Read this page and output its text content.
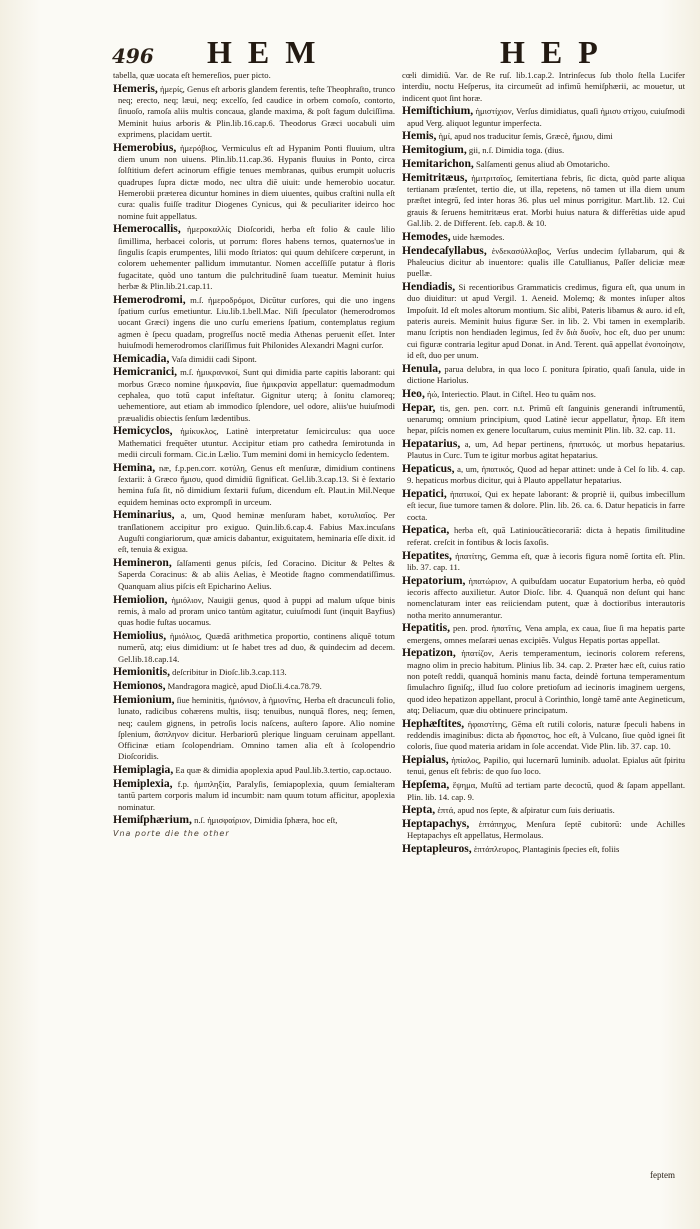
496 HEM	HEP

tabella, quæ uocata eſt hemereſios, puer picto.

Hemeris, ἡμερίς, Genus eſt arboris glandem ferentis, teſte Theophraſto, trunco neq; erecto, neq; læui, neq; excelſo, ſed caudice in orbem comoſo, contorto, ſinuoſo, ramoſa aliis multis concaua, glande maxima, & poſt fagum dulciſſima. Meminit huius arboris & Plin.lib.16.cap.6. Theodorus Græci uocabuli uim exprimens, placidam uertit.

Hemerobius, ἡμερόβιος, Vermiculus eſt ad Hypanim Ponti fluuium, ultra diem unum non uiuens. Plin.lib.11.cap.36. Hypanis fluuius in Ponto, circa ſolſtitium defert acinorum effigie tenues membranas, quibus erumpit uolucris quadrupes ſupra dictæ modo, nec ultra diē uiuit: unde hemerobio uocatur. Hemerobii præterea dicuntur homines in diem uiuentes, quibus craſtini nulla eſt cura: qualis fuiſſe traditur Diogenes Cynicus, qui & peculiariter ideirco hoc nomine fuit appellatus.

Hemerocallis, ἡμεροκαλλίς Dioſcoridi, herba eſt folio & caule lilio ſimillima, herbacei coloris, ut porrum: flores habens ternos, quaternos'ue in ſingulis ſcapis erumpentes, lilii modo ſtriatos: qui quum dehiſcere cœperunt, in colorem uehementer pallidum immutantur. Nomen acceſſiſſe putatur à floris fugacitate, quòd uno tantum die pulchritudinē ſuam tueatur. Meminit huius herbæ & Plin.lib.21.cap.11.

Hemerodromi, m.ſ. ἡμεροδρόμοι, Dicūtur curſores, qui die uno ingens ſpatium curſus emetiuntur. Liu.lib.1.bell.Mac. Niſi ſpeculator (hemerodromos uocant Græci) ingens die uno curſu emeriens ſpatium, contemplatus regium agmen è ſpecu quadam, progreſſus noctē media Athenas peruenit eſſet. Inter huiuſmodi hemerodromos clariſſimus fuit Philonides Alexandri Magni curſor.

Hemicadia, Vaſa dimidii cadi Sipont.

Hemicranici, m.ſ. ἡμικρανικοί, Sunt qui dimidia parte capitis laborant: qui morbus Græco nomine ἡμικρανία, ſiue ἡμικρανία appellatur: quemadmodum cephalea, quo totū caput infeſtatur. Gignitur uterq; à ſonitu clamoreq; uehementiore, aut etiam ab immodico ſplendore, uel odore, aliis'ue huiuſmodi præualidis obiectis ſenſum lædentibus.

Hemicyclos, ἡμίκυκλος, Latinè interpretatur ſemicirculus: qua uoce Mathematici frequēter utuntur. Accipitur etiam pro cathedra ſemirotunda in medii circuli formam. Cic.in Lælio. Tum memini domi in hemicyclo ſedentem.

Hemina, næ, f.p.pen.corr. κοτύλη, Genus eſt menſuræ, dimidium continens ſextarii: à Græco ἥμισυ, quod dimidiū ſignificat. Gel.lib.3.cap.13. Si è ſextario hemina fuſa ſit, nō dimidium ſextarii fuſum, dicendum eſt. Plaut.in Mil.Neque equidem heminas octo exprompſi in urceum.

Heminarius, a, um, Quod heminæ menſuram habet, κοτυλιαῖος. Per tranſlationem accipitur pro exiguo. Quin.lib.6.cap.4. Fabius Max.incuſans Auguſti congiariorum, quæ amicis dabantur, exiguitatem, heminaria eſſe dixit. id eſt, tenuia & exigua.

Hemineron, ſalſamenti genus piſcis, ſed Coracino. Dicitur & Peltes & Saperda Coracinus: & ab aliis Aelias, è Meotide ſtagno commendatiſſimus. Quanquam alius piſcis eſt Epicharino Aelius.

Hemiolion, ἡμιόλιον, Nauigii genus, quod à puppi ad malum uſque binis remis, à malo ad proram unico tantùm agitatur, cuiuſmodi ſunt (inquit Bayfius) quas hodie fuſtas uocamus.

Hemiolius, ἡμιόλιος, Quædā arithmetica proportio, continens aliquē totum numerū, atq; eius dimidium: ut ſe habet tres ad duo, & quindecim ad decem. Gel.lib.18.cap.14.

Hemionitis, deſcribitur in Dioſc.lib.3.cap.113.

Hemionos, Mandragora magicè, apud Dioſ.li.4.ca.78.79.

Hemionium, ſiue heminitis, ἡμιόνιον, à ἡμιονῖτις, Herba eſt dracunculi folio, lunato, radicibus cohærens multis, iisq; tenuibus, nunquā flores, neq; ſemen, neq; caulem gignens, in petroſis locis naſcens, auſtero ſapore. Alio nomine ſplenium, ἄσπληνον dicitur. Herbariorū plerique linguam ceruinam appellant. Officinæ etiam ſcolopendriam. Omnino tamen alia eſt à ſcolopendrio Dioſcoridis.

Hemiplagia, Ea quæ & dimidia apoplexia apud Paul.lib.3.tertio, cap.octauo.

Hemiplexia, f.p. ἡμιπληξία, Paralyſis, ſemiapoplexia, quum ſemialteram tantū partem corporis malum id incumbit: nam quum totum afficitur, apoplexia nominatur.

Hemiſphærium, n.ſ. ἡμισφαίριον, Dimidia ſphæra, hoc eſt,

Vna porte die the other

cœli dimidiū. Var. de Re ruſ. lib.1.cap.2. Intrinſecus ſub tholo ſtella Lucifer interdiu, noctu Heſperus, ita circumeūt ad infimū hemiſphærii, ac mouetur, ut indicent quot ſint horæ.

Hemiſtichium, ἡμιστίχιον, Verſus dimidiatus, quaſi ἡμισυ στίχου, cuiuſmodi apud Verg. aliquot leguntur imperfecta.

Hemis, ἡμί, apud nos traducitur ſemis, Græcè, ἥμισυ, dimi

Hemitogium, gii, n.ſ. Dimidia toga. (dius.

Hemitarichon, Salſamenti genus aliud ab Omotaricho.

Hemitritæus, ἡμιτριταῖος, ſemitertiana febris, ſic dicta, quòd parte aliqua tertianam præſentet, tertio die, ut illa, repetens, nō tamen ut illa diem unum præſtet integrū, ſed inter horas 36. plus uel minus porrigitur. Mart.lib. 12. Cui grauis & ſeruens hemitritæus erat. Morbi huius natura & differētias uide apud Gal.lib. 2. de Different. ſeb. cap.8. & 10.

Hemodes, uide hæmodes.

Hendecaſyllabus, ἑνδεκασύλλαβος, Verſus undecim ſyllabarum, qui & Phaleucius dicitur ab inuentore: qualis ille Catullianus, Paſſer deliciæ meæ puellæ.

Hendiadis, Si recentioribus Grammaticis credimus, figura eſt, qua unum in duo diuiditur: ut apud Vergil. 1. Aeneid. Molemq; & montes inſuper altos Impoſuit. Id eſt moles altorum montium. Sic alibi, Pateris libamus & auro. id eſt, pateris aureis. Meminit huius figuræ Ser. in lib. 2. Vbi tamen in exemplarib. manu ſcriptis non hendiaden legimus, ſed ἓν διὰ δυοῖν, hoc eſt, duo per unum: cui figuræ contraria legitur apud Donat. in And. Terent. quā appellat ἐνοποίησιν, id eſt, duo per unum.

Henula, parua delubra, in qua loco ſ. ponitura ſpiratio, quaſi ſanula, uide in dictione Hariolus.

Heo, ἠώ, Interiectio. Plaut. in Ciſtel. Heo tu quām nos.

Hepar, tis, gen. pen. corr. n.t. Primū eſt ſanguinis generandi inſtrumentū, uenarumq; omnium principium, quod Latinè iecur appellatur, ἧπαρ. Eſt item hepar, piſcis nomen ex genere locuſtarum, cuius meminit Plin. lib. 32. cap. 11.

Hepatarius, a, um, Ad hepar pertinens, ἡπατικός. ut morbus hepatarius. Plautus in Curc. Tum te igitur morbus agitat hepatarius.

Hepaticus, a, um, ἡπατικός, Quod ad hepar attinet: unde à Cel ſo lib. 4. cap. 9. hepaticus morbus dicitur, qui à Plauto appellatur hepatarius.

Hepatici, ἡπατικοί, Qui ex hepate laborant: & propriè ii, quibus imbecillum eſt iecur, ſiue tumore tamen & dolore. Plin. lib. 26. ca. 6. Datur hepaticis in farre cocta.

Hepatica, herba eſt, quā Latinioucātiecorariā: dicta à hepatis ſimilitudine referat. creſcit in fontibus & locis ſaxoſis.

Hepatites, ἡπατίτης, Gemma eſt, quæ à iecoris figura nomē ſortita eſt. Plin. lib. 37. cap. 11.

Hepatorium, ἡπατώριον, A quibuſdam uocatur Eupatorium herba, eò quòd iecoris affecto auxilietur. Autor Dioſc. libr. 4. Quanquā non deſunt qui hanc nomenclaturam inter eas reiiciendam putent, quæ à doctioribus interautoris notha merito annumerantur.

Hepatitis, pen. prod. ἡπατῖτις, Vena ampla, ex caua, ſiue ſi ma hepatis parte emergens, omnes meſaræi uenas excipiēs. Vulgus Hepatis portas appellat.

Hepatizon, ἡπατίζον, Aeris temperamentum, iecinoris colorem referens, magno olim in precio habitum. Plinius lib. 34. cap. 2. Præter hæc eſt, cuius ratio non poteſt reddi, quanquā hominis manu facta, deindè fortuna temperamentum ſimulachro ſigniſq;, illud ſuo colore pretioſum ad iecinoris imaginem uergens, quod ideo hepatizon appellant, procul à Corinthio, longè tamē ante Aegineticum, atq; Deliacum, quæ diu obtinuere principatum.

Hephæſtites, ἡφαιστίτης, Gēma eſt rutili coloris, naturæ ſpeculi habens in reddendis imaginibus: dicta ab ἥφαιστος, hoc eſt, à Vulcano, ſiue quòd ignei ſit coloris, ſiue quod materia aridam in ſole accendat. Vide Plin. lib. 37. cap. 10.

Hepialus, ἠπίαλος, Papilio, qui lucernarū luminib. aduolat. Epialus aūt ſpiritu tenui, genus eſt febris: de quo ſuo loco.

Hepſema, ἕψημα, Muſtū ad tertiam parte decoctū, quod & ſapam appellant. Plin. lib. 14. cap. 9.

Hepta, ἑπτά, apud nos ſepte, & aſpiratur cum ſuis deriuatis.

Heptapachys, ἑπτάπηχυς, Menſura ſeptē cubitorū: unde Achilles Heptapachys eſt appellatus, Hermolaus.

Heptapleuros, ἑπτάπλευρος, Plantaginis ſpecies eſt, foliis

feptem
